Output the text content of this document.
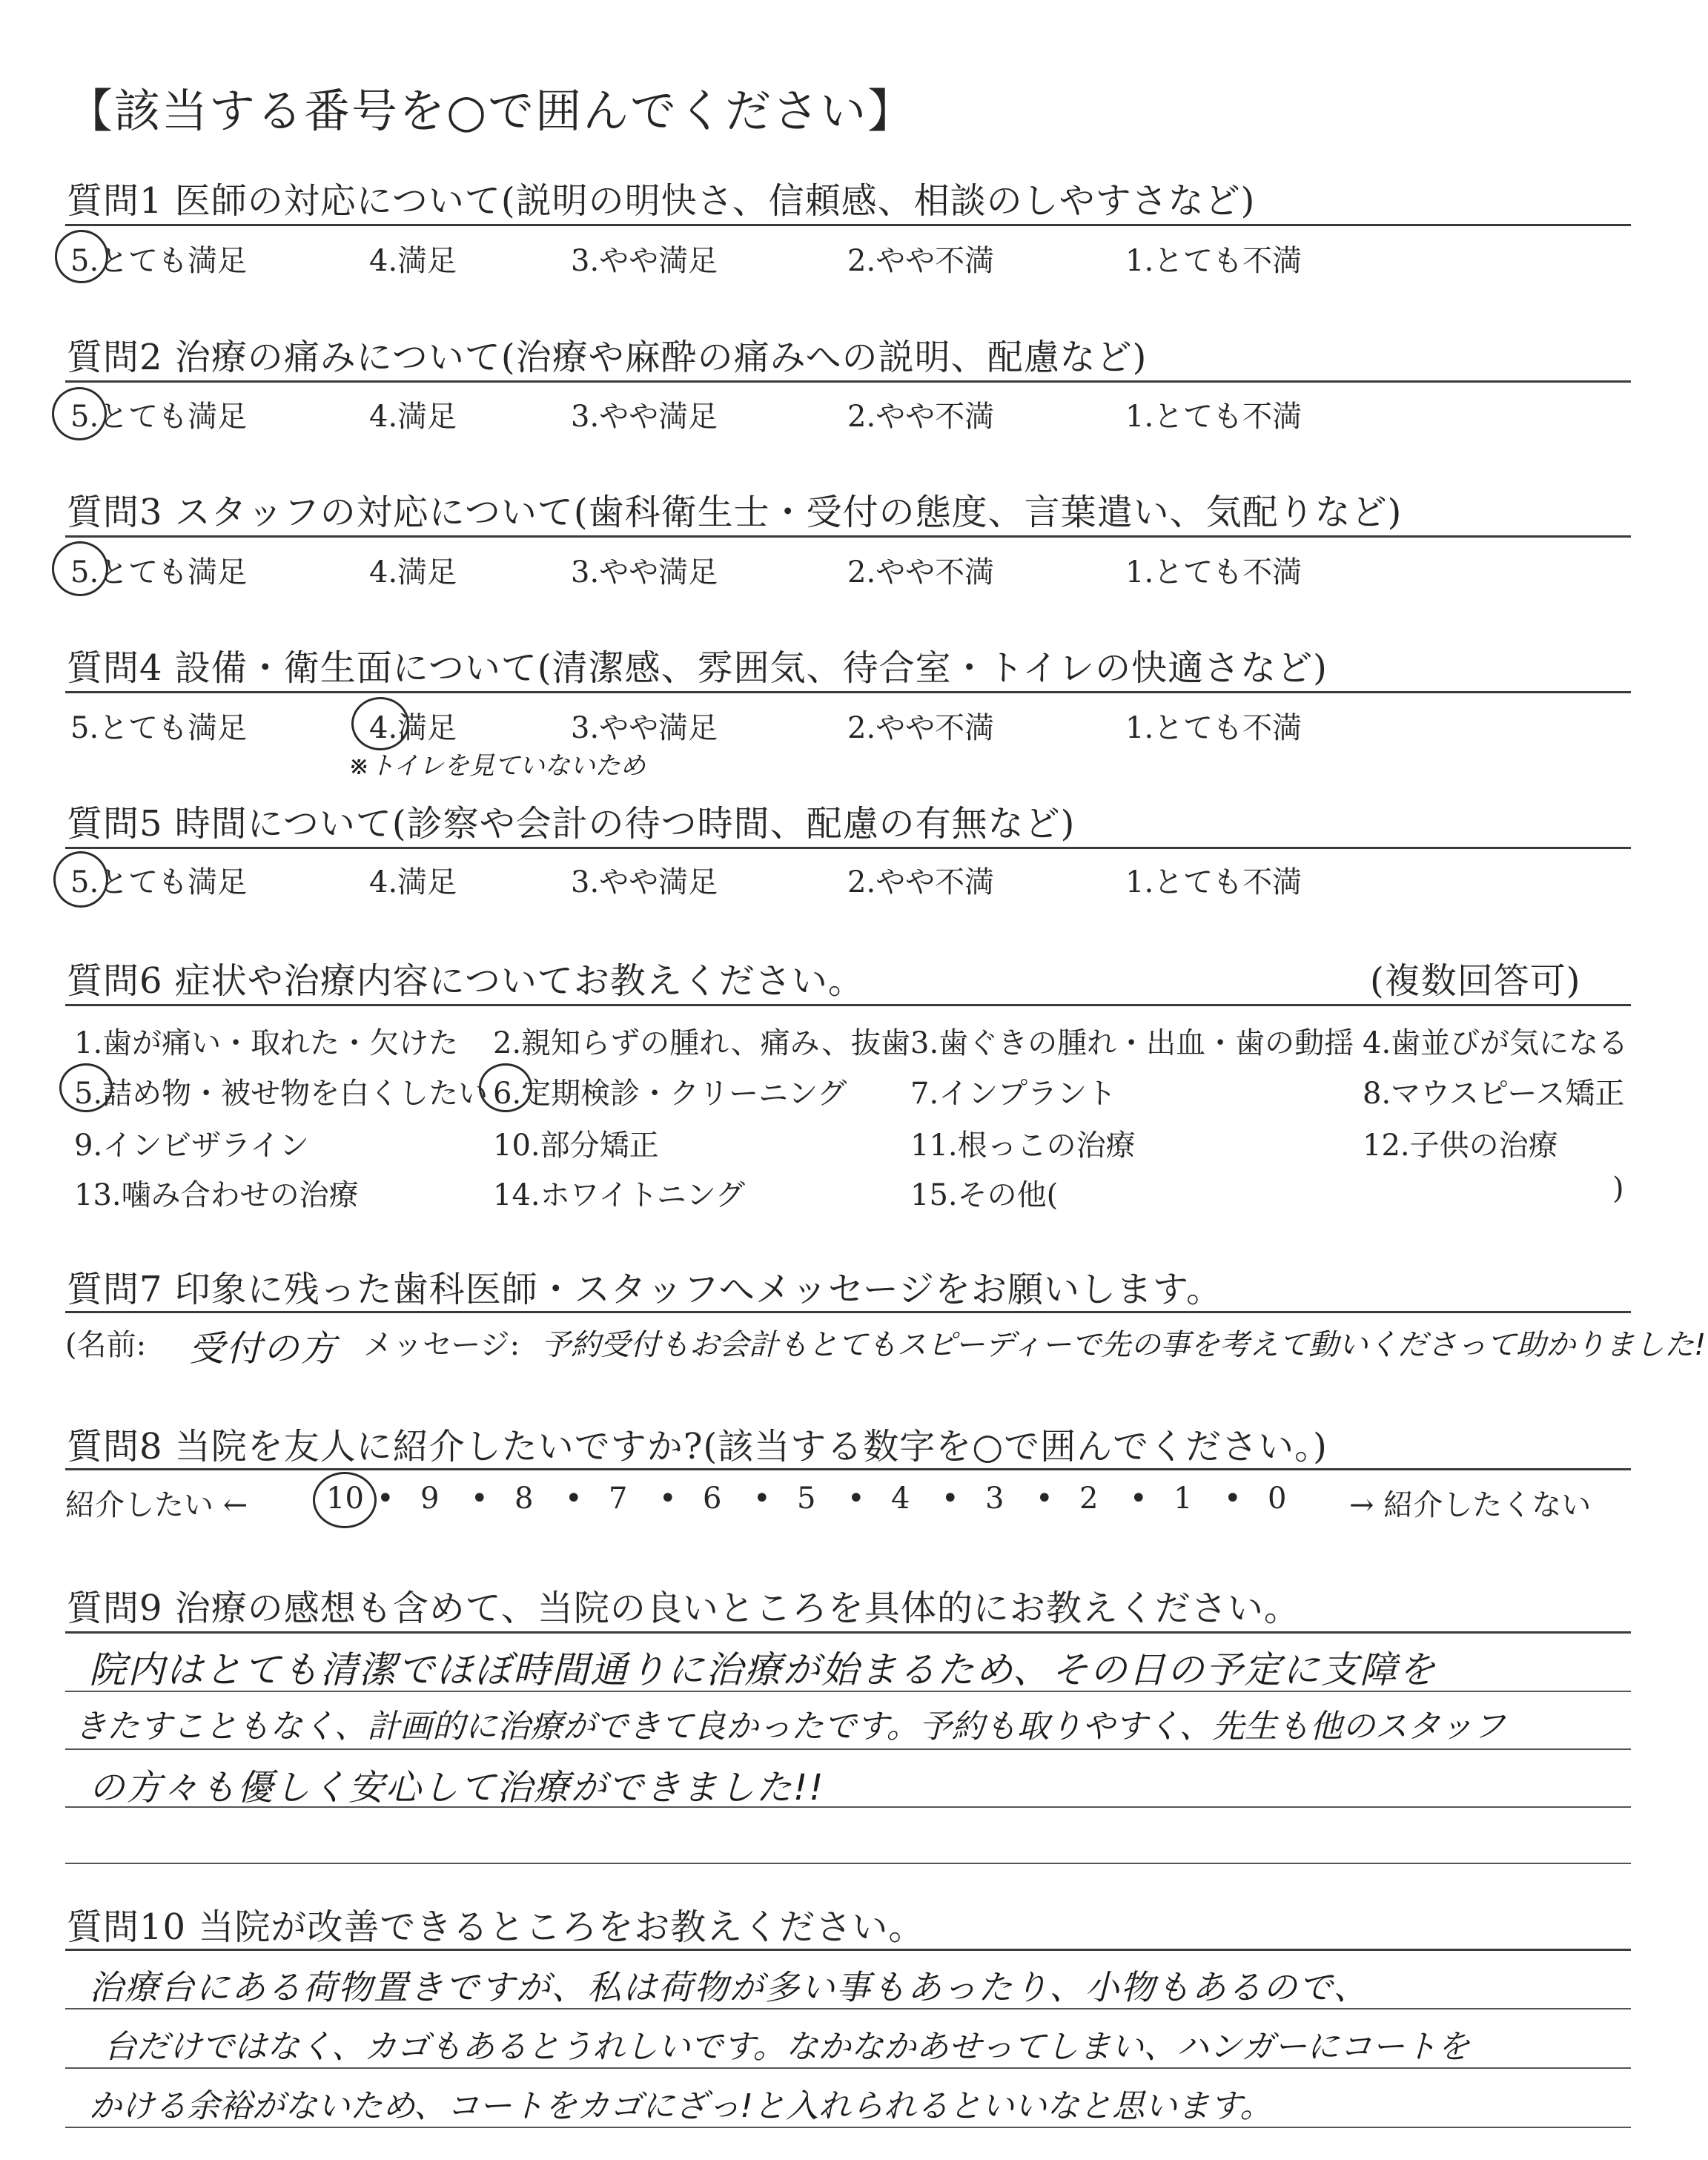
【該当する番号を○で囲んでください】
質問1 医師の対応について(説明の明快さ、信頼感、相談のしやすさなど)
5.とても満足	4.満足	3.やや満足	2.やや不満	1.とても不満
質問2 治療の痛みについて(治療や麻酔の痛みへの説明、配慮など)
5.とても満足	4.満足	3.やや満足	2.やや不満	1.とても不満
質問3 スタッフの対応について(歯科衛生士・受付の態度、言葉遣い、気配りなど)
5.とても満足	4.満足	3.やや満足	2.やや不満	1.とても不満
質問4 設備・衛生面について(清潔感、雰囲気、待合室・トイレの快適さなど)
5.とても満足	4.満足	3.やや満足	2.やや不満	1.とても不満
※トイレを見ていないため
質問5 時間について(診察や会計の待つ時間、配慮の有無など)
5.とても満足	4.満足	3.やや満足	2.やや不満	1.とても不満
質問6 症状や治療内容についてお教えください。	(複数回答可)
1.歯が痛い・取れた・欠けた 2.親知らずの腫れ、痛み、抜歯 3.歯ぐきの腫れ・出血・歯の動揺 4.歯並びが気になる
5.詰め物・被せ物を白くしたい 6.定期検診・クリーニング 7.インプラント	8.マウスピース矯正
9.インビザライン	10.部分矯正	11.根っこの治療	12.子供の治療
13.噛み合わせの治療	14.ホワイトニング	15.その他(	)
質問7 印象に残った歯科医師・スタッフへメッセージをお願いします。
(名前: 受付の方 メッセージ: 予約受付もお会計もとてもスピーディーで先の事を考えて動いくださって助かりました!
質問8 当院を友人に紹介したいですか?(該当する数字を○で囲んでください。)
紹介したい ←	10 • 9 • 8 • 7 • 6 • 5 • 4 • 3 • 2 • 1 • 0 → 紹介したくない
質問9 治療の感想も含めて、当院の良いところを具体的にお教えください。
院内はとても清潔でほぼ時間通りに治療が始まるため、その日の予定に支障を
きたすこともなく、計画的に治療ができて良かったです。予約も取りやすく、先生も他のスタッフ
の方々も優しく安心して治療ができました!!
質問10 当院が改善できるところをお教えください。
治療台にある荷物置きですが、私は荷物が多い事もあったり、小物もあるので、
台だけではなく、カゴもあるとうれしいです。なかなかあせってしまい、ハンガーにコートを
かける余裕がないため、コートをカゴにざっ!と入れられるといいなと思います。
